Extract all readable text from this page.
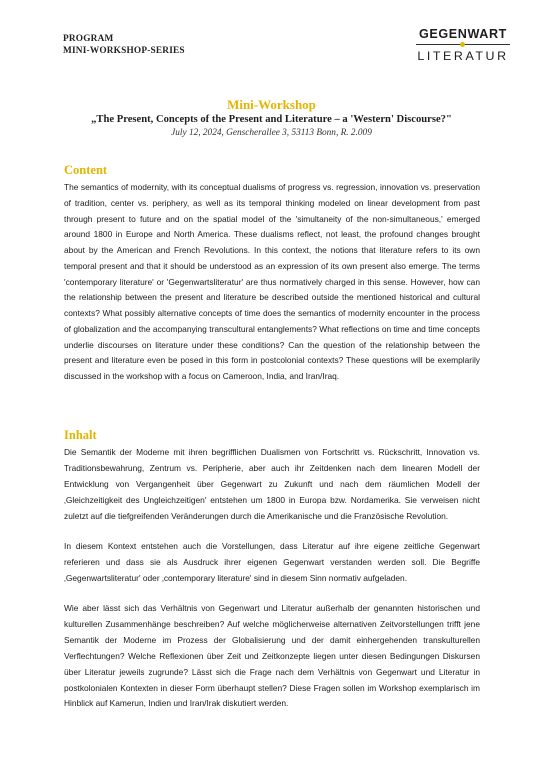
PROGRAM
MINI-WORKSHOP-SERIES
GEGENWART
LITERATUR
Mini-Workshop
„The Present, Concepts of the Present and Literature – a 'Western' Discourse?"
July 12, 2024, Genscherallee 3, 53113 Bonn, R. 2.009
Content

The semantics of modernity, with its conceptual dualisms of progress vs. regression, innovation vs. preservation of tradition, center vs. periphery, as well as its temporal thinking modeled on linear development from past through present to future and on the spatial model of the 'simultaneity of the non-simultaneous,' emerged around 1800 in Europe and North America. These dualisms reflect, not least, the profound changes brought about by the American and French Revolutions. In this context, the notions that literature refers to its own temporal present and that it should be understood as an expression of its own present also emerge. The terms 'contemporary literature' or 'Gegenwartsliteratur' are thus normatively charged in this sense. However, how can the relationship between the present and literature be described outside the mentioned historical and cultural contexts? What possibly alternative concepts of time does the semantics of modernity encounter in the process of globalization and the accompanying transcultural entanglements? What reflections on time and time concepts underlie discourses on literature under these conditions? Can the question of the relationship between the present and literature even be posed in this form in postcolonial contexts? These questions will be exemplarily discussed in the workshop with a focus on Cameroon, India, and Iran/Iraq.

Inhalt

Die Semantik der Moderne mit ihren begrifflichen Dualismen von Fortschritt vs. Rückschritt, Innovation vs. Traditionsbewahrung, Zentrum vs. Peripherie, aber auch ihr Zeitdenken nach dem linearen Modell der Entwicklung von Vergangenheit über Gegenwart zu Zukunft und nach dem räumlichen Modell der ‚Gleichzeitigkeit des Ungleichzeitigen' entstehen um 1800 in Europa bzw. Nordamerika. Sie verweisen nicht zuletzt auf die tiefgreifenden Veränderungen durch die Amerikanische und die Französische Revolution.

In diesem Kontext entstehen auch die Vorstellungen, dass Literatur auf ihre eigene zeitliche Gegenwart referieren und dass sie als Ausdruck ihrer eigenen Gegenwart verstanden werden soll. Die Begriffe ‚Gegenwartsliteratur' oder ‚contemporary literature' sind in diesem Sinn normativ aufgeladen.

Wie aber lässt sich das Verhältnis von Gegenwart und Literatur außerhalb der genannten historischen und kulturellen Zusammenhänge beschreiben? Auf welche möglicherweise alternativen Zeitvorstellungen trifft jene Semantik der Moderne im Prozess der Globalisierung und der damit einhergehenden transkulturellen Verflechtungen? Welche Reflexionen über Zeit und Zeitkonzepte liegen unter diesen Bedingungen Diskursen über Literatur jeweils zugrunde? Lässt sich die Frage nach dem Verhältnis von Gegenwart und Literatur in postkolonialen Kontexten in dieser Form überhaupt stellen? Diese Fragen sollen im Workshop exemplarisch im Hinblick auf Kamerun, Indien und Iran/Irak diskutiert werden.
